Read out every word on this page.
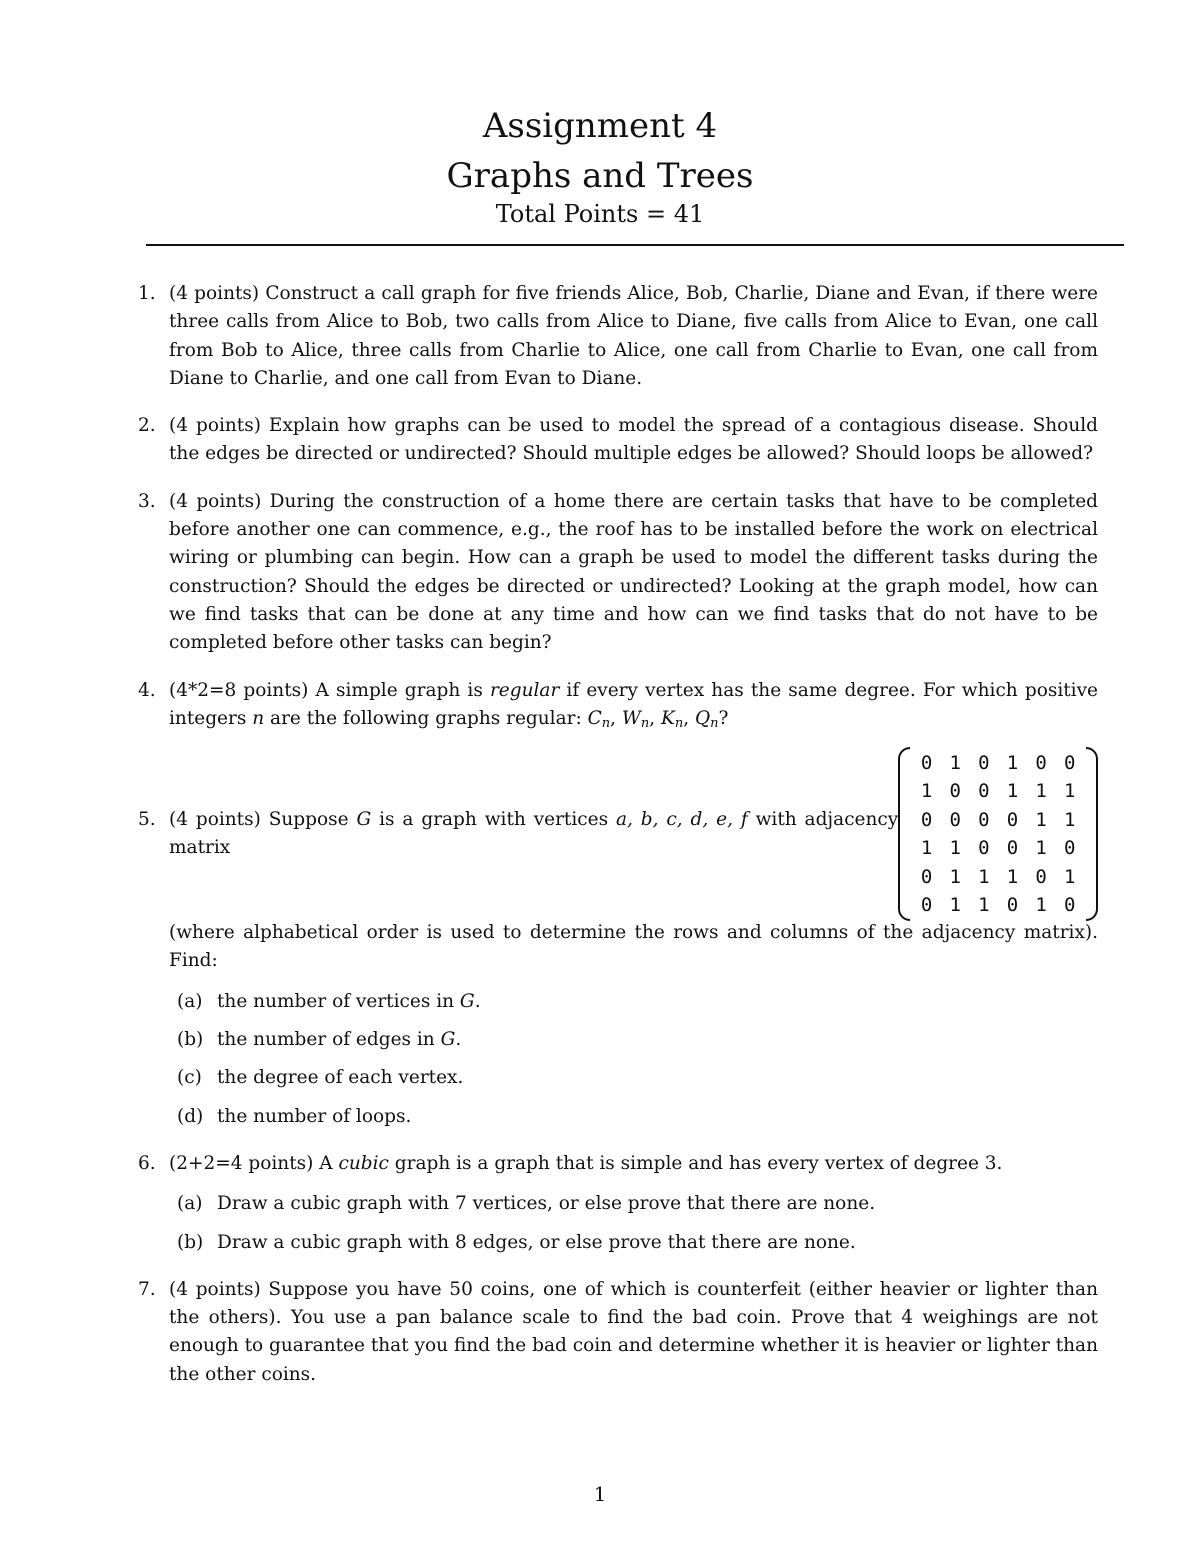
Assignment 4
Graphs and Trees
Total Points = 41
1. (4 points) Construct a call graph for five friends Alice, Bob, Charlie, Diane and Evan, if there were three calls from Alice to Bob, two calls from Alice to Diane, five calls from Alice to Evan, one call from Bob to Alice, three calls from Charlie to Alice, one call from Charlie to Evan, one call from Diane to Charlie, and one call from Evan to Diane.

2. (4 points) Explain how graphs can be used to model the spread of a contagious disease. Should the edges be directed or undirected? Should multiple edges be allowed? Should loops be allowed?

3. (4 points) During the construction of a home there are certain tasks that have to be completed before another one can commence, e.g., the roof has to be installed before the work on electrical wiring or plumbing can begin. How can a graph be used to model the different tasks during the construction? Should the edges be directed or undirected? Looking at the graph model, how can we find tasks that can be done at any time and how can we find tasks that do not have to be completed before other tasks can begin?

4. (4*2=8 points) A simple graph is regular if every vertex has the same degree. For which positive integers n are the following graphs regular: $C_n$, $W_n$, $K_n$, $Q_n$?

5. (4 points) Suppose G is a graph with vertices a, b, c, d, e, f with adjacency matrix
0	1	0	1	0	0
1	0	0	1	1	1
0	0	0	0	1	1
1	1	0	0	1	0
0	1	1	1	0	1
0	1	1	0	1	0

(where alphabetical order is used to determine the rows and columns of the adjacency matrix). Find:

(a) the number of vertices in G.
(b) the number of edges in G.
(c) the degree of each vertex.
(d) the number of loops.
6. (2+2=4 points) A cubic graph is a graph that is simple and has every vertex of degree 3.

(a) Draw a cubic graph with 7 vertices, or else prove that there are none.
(b) Draw a cubic graph with 8 edges, or else prove that there are none.
7. (4 points) Suppose you have 50 coins, one of which is counterfeit (either heavier or lighter than the others). You use a pan balance scale to find the bad coin. Prove that 4 weighings are not enough to guarantee that you find the bad coin and determine whether it is heavier or lighter than the other coins.

1
